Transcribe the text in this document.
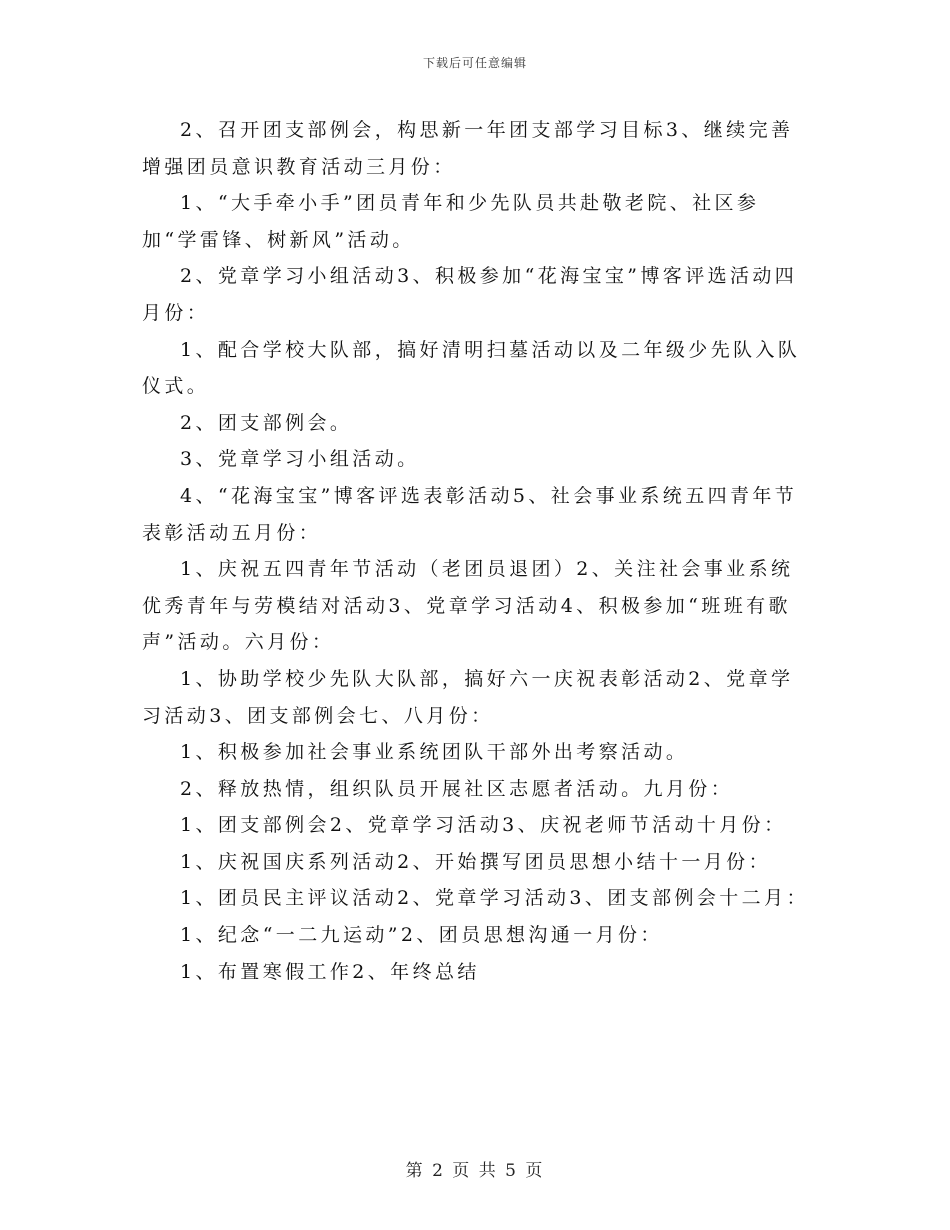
下载后可任意编辑

2、召开团支部例会，构思新一年团支部学习目标3、继续完善增强团员意识教育活动三月份：

1、“大手牵小手”团员青年和少先队员共赴敬老院、社区参加“学雷锋、树新风”活动。

2、党章学习小组活动3、积极参加“花海宝宝”博客评选活动四月份：

1、配合学校大队部，搞好清明扫墓活动以及二年级少先队入队仪式。

2、团支部例会。

3、党章学习小组活动。

4、“花海宝宝”博客评选表彰活动5、社会事业系统五四青年节表彰活动五月份：

1、庆祝五四青年节活动（老团员退团）2、关注社会事业系统优秀青年与劳模结对活动3、党章学习活动4、积极参加“班班有歌声”活动。六月份：

1、协助学校少先队大队部，搞好六一庆祝表彰活动2、党章学习活动3、团支部例会七、八月份：

1、积极参加社会事业系统团队干部外出考察活动。

2、释放热情，组织队员开展社区志愿者活动。九月份：

1、团支部例会2、党章学习活动3、庆祝老师节活动十月份：

1、庆祝国庆系列活动2、开始撰写团员思想小结十一月份：

1、团员民主评议活动2、党章学习活动3、团支部例会十二月：

1、纪念“一二九运动”2、团员思想沟通一月份：

1、布置寒假工作2、年终总结

第 2 页 共 5 页
